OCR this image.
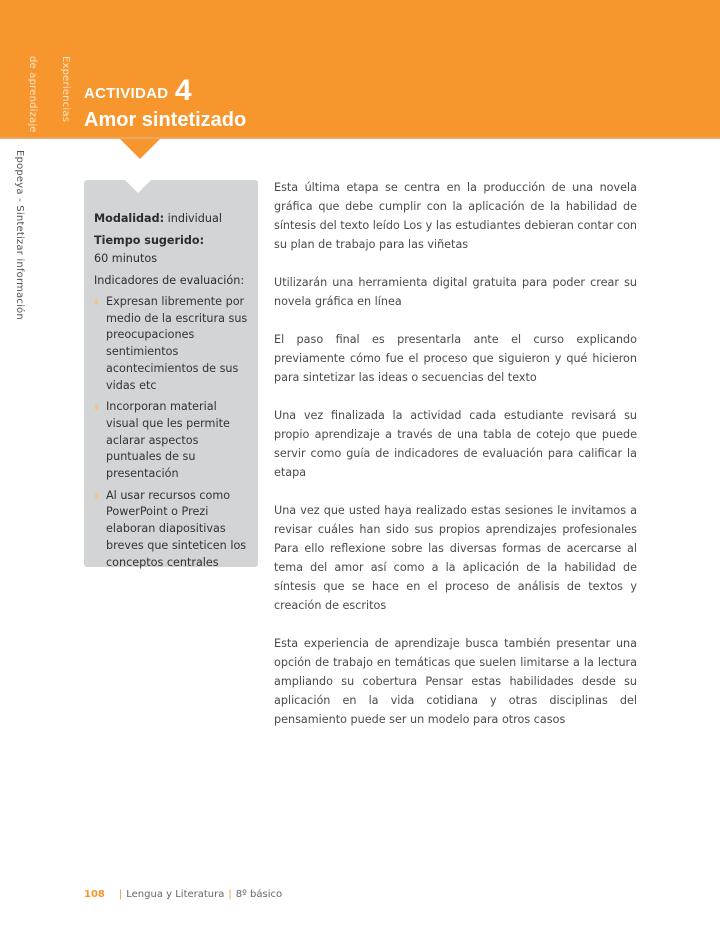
Experiencias

de aprendizaje

Epopeya - Sintetizar información
ACTIVIDAD 4
Amor sintetizado
Modalidad: individual
Tiempo sugerido:
60 minutos
Indicadores de evaluación:
Expresan libremente por medio de la escritura sus preocupaciones sentimientos acontecimientos de sus vidas etc
Incorporan material visual que les permite aclarar aspectos puntuales de su presentación
Al usar recursos como PowerPoint o Prezi elaboran diapositivas breves que sinteticen los conceptos centrales

Esta última etapa se centra en la producción de una novela gráfica que debe cumplir con la aplicación de la habilidad de síntesis del texto leído Los y las estudiantes debieran contar con su plan de trabajo para las viñetas

Utilizarán una herramienta digital gratuita para poder crear su novela gráfica en línea

El paso final es presentarla ante el curso explicando previamente cómo fue el proceso que siguieron y qué hicieron para sintetizar las ideas o secuencias del texto

Una vez finalizada la actividad cada estudiante revisará su propio aprendizaje a través de una tabla de cotejo que puede servir como guía de indicadores de evaluación para calificar la etapa

Una vez que usted haya realizado estas sesiones le invitamos a revisar cuáles han sido sus propios aprendizajes profesionales Para ello reflexione sobre las diversas formas de acercarse al tema del amor así como a la aplicación de la habilidad de síntesis que se hace en el proceso de análisis de textos y creación de escritos

Esta experiencia de aprendizaje busca también presentar una opción de trabajo en temáticas que suelen limitarse a la lectura ampliando su cobertura Pensar estas habilidades desde su aplicación en la vida cotidiana y otras disciplinas del pensamiento puede ser un modelo para otros casos

108 | Lengua y Literatura | 8º básico
